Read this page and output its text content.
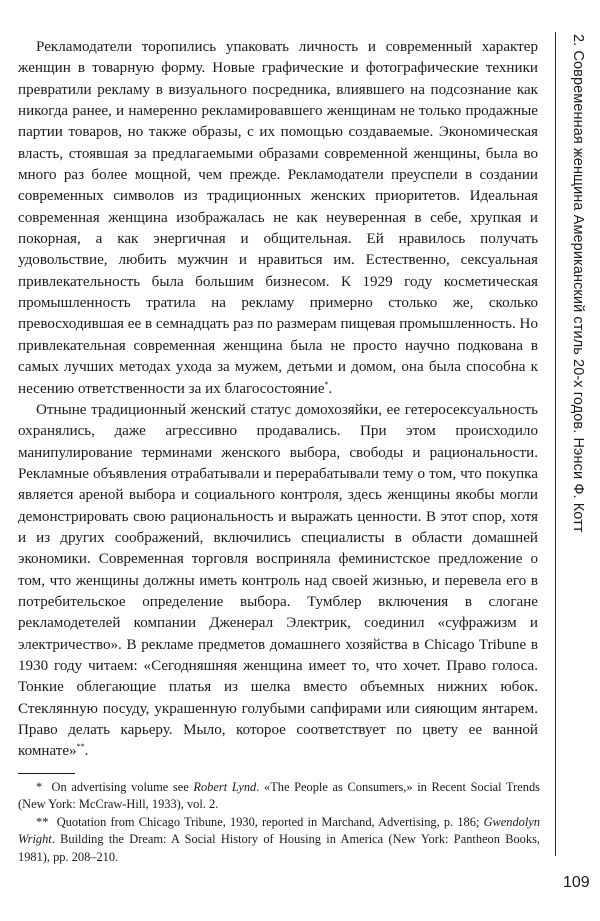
Рекламодатели торопились упаковать личность и современный характер женщин в товарную форму. Новые графические и фотографические техники превратили рекламу в визуального посредника, влиявшего на подсознание как никогда ранее, и намеренно рекламировавшего женщинам не только продажные партии товаров, но также образы, с их помощью создаваемые. Экономическая власть, стоявшая за предлагаемыми образами современной женщины, была во много раз более мощной, чем прежде. Рекламодатели преуспели в создании современных символов из традиционных женских приоритетов. Идеальная современная женщина изображалась не как неуверенная в себе, хрупкая и покорная, а как энергичная и общительная. Ей нравилось получать удовольствие, любить мужчин и нравиться им. Естественно, сексуальная привлекательность была большим бизнесом. К 1929 году косметическая промышленность тратила на рекламу примерно столько же, сколько превосходившая ее в семнадцать раз по размерам пищевая промышленность. Но привлекательная современная женщина была не просто научно подкована в самых лучших методах ухода за мужем, детьми и домом, она была способна к несению ответственности за их благосостояние*.

Отныне традиционный женский статус домохозяйки, ее гетеросексуальность охранялись, даже агрессивно продавались. При этом происходило манипулирование терминами женского выбора, свободы и рациональности. Рекламные объявления отрабатывали и перерабатывали тему о том, что покупка является ареной выбора и социального контроля, здесь женщины якобы могли демонстрировать свою рациональность и выражать ценности. В этот спор, хотя и из других соображений, включились специалисты в области домашней экономики. Современная торговля восприняла феминистское предложение о том, что женщины должны иметь контроль над своей жизнью, и перевела его в потребительское определение выбора. Тумблер включения в слогане рекламодетелей компании Дженерал Электрик, соединил «суфражизм и электричество». В рекламе предметов домашнего хозяйства в Chicago Tribune в 1930 году читаем: «Сегодняшняя женщина имеет то, что хочет. Право голоса. Тонкие облегающие платья из шелка вместо объемных нижних юбок. Стеклянную посуду, украшенную голубыми сапфирами или сияющим янтарем. Право делать карьеру. Мыло, которое соответствует по цвету ее ванной комнате»**.

* On advertising volume see Robert Lynd. «The People as Consumers,» in Recent Social Trends (New York: McCraw-Hill, 1933), vol. 2.

** Quotation from Chicago Tribune, 1930, reported in Marchand, Advertising, p. 186; Gwendolyn Wright. Building the Dream: A Social History of Housing in America (New York: Pantheon Books, 1981), pp. 208–210.

2. Современная женщина Американский стиль 20-х годов. Нэнси Ф. Котт
109
